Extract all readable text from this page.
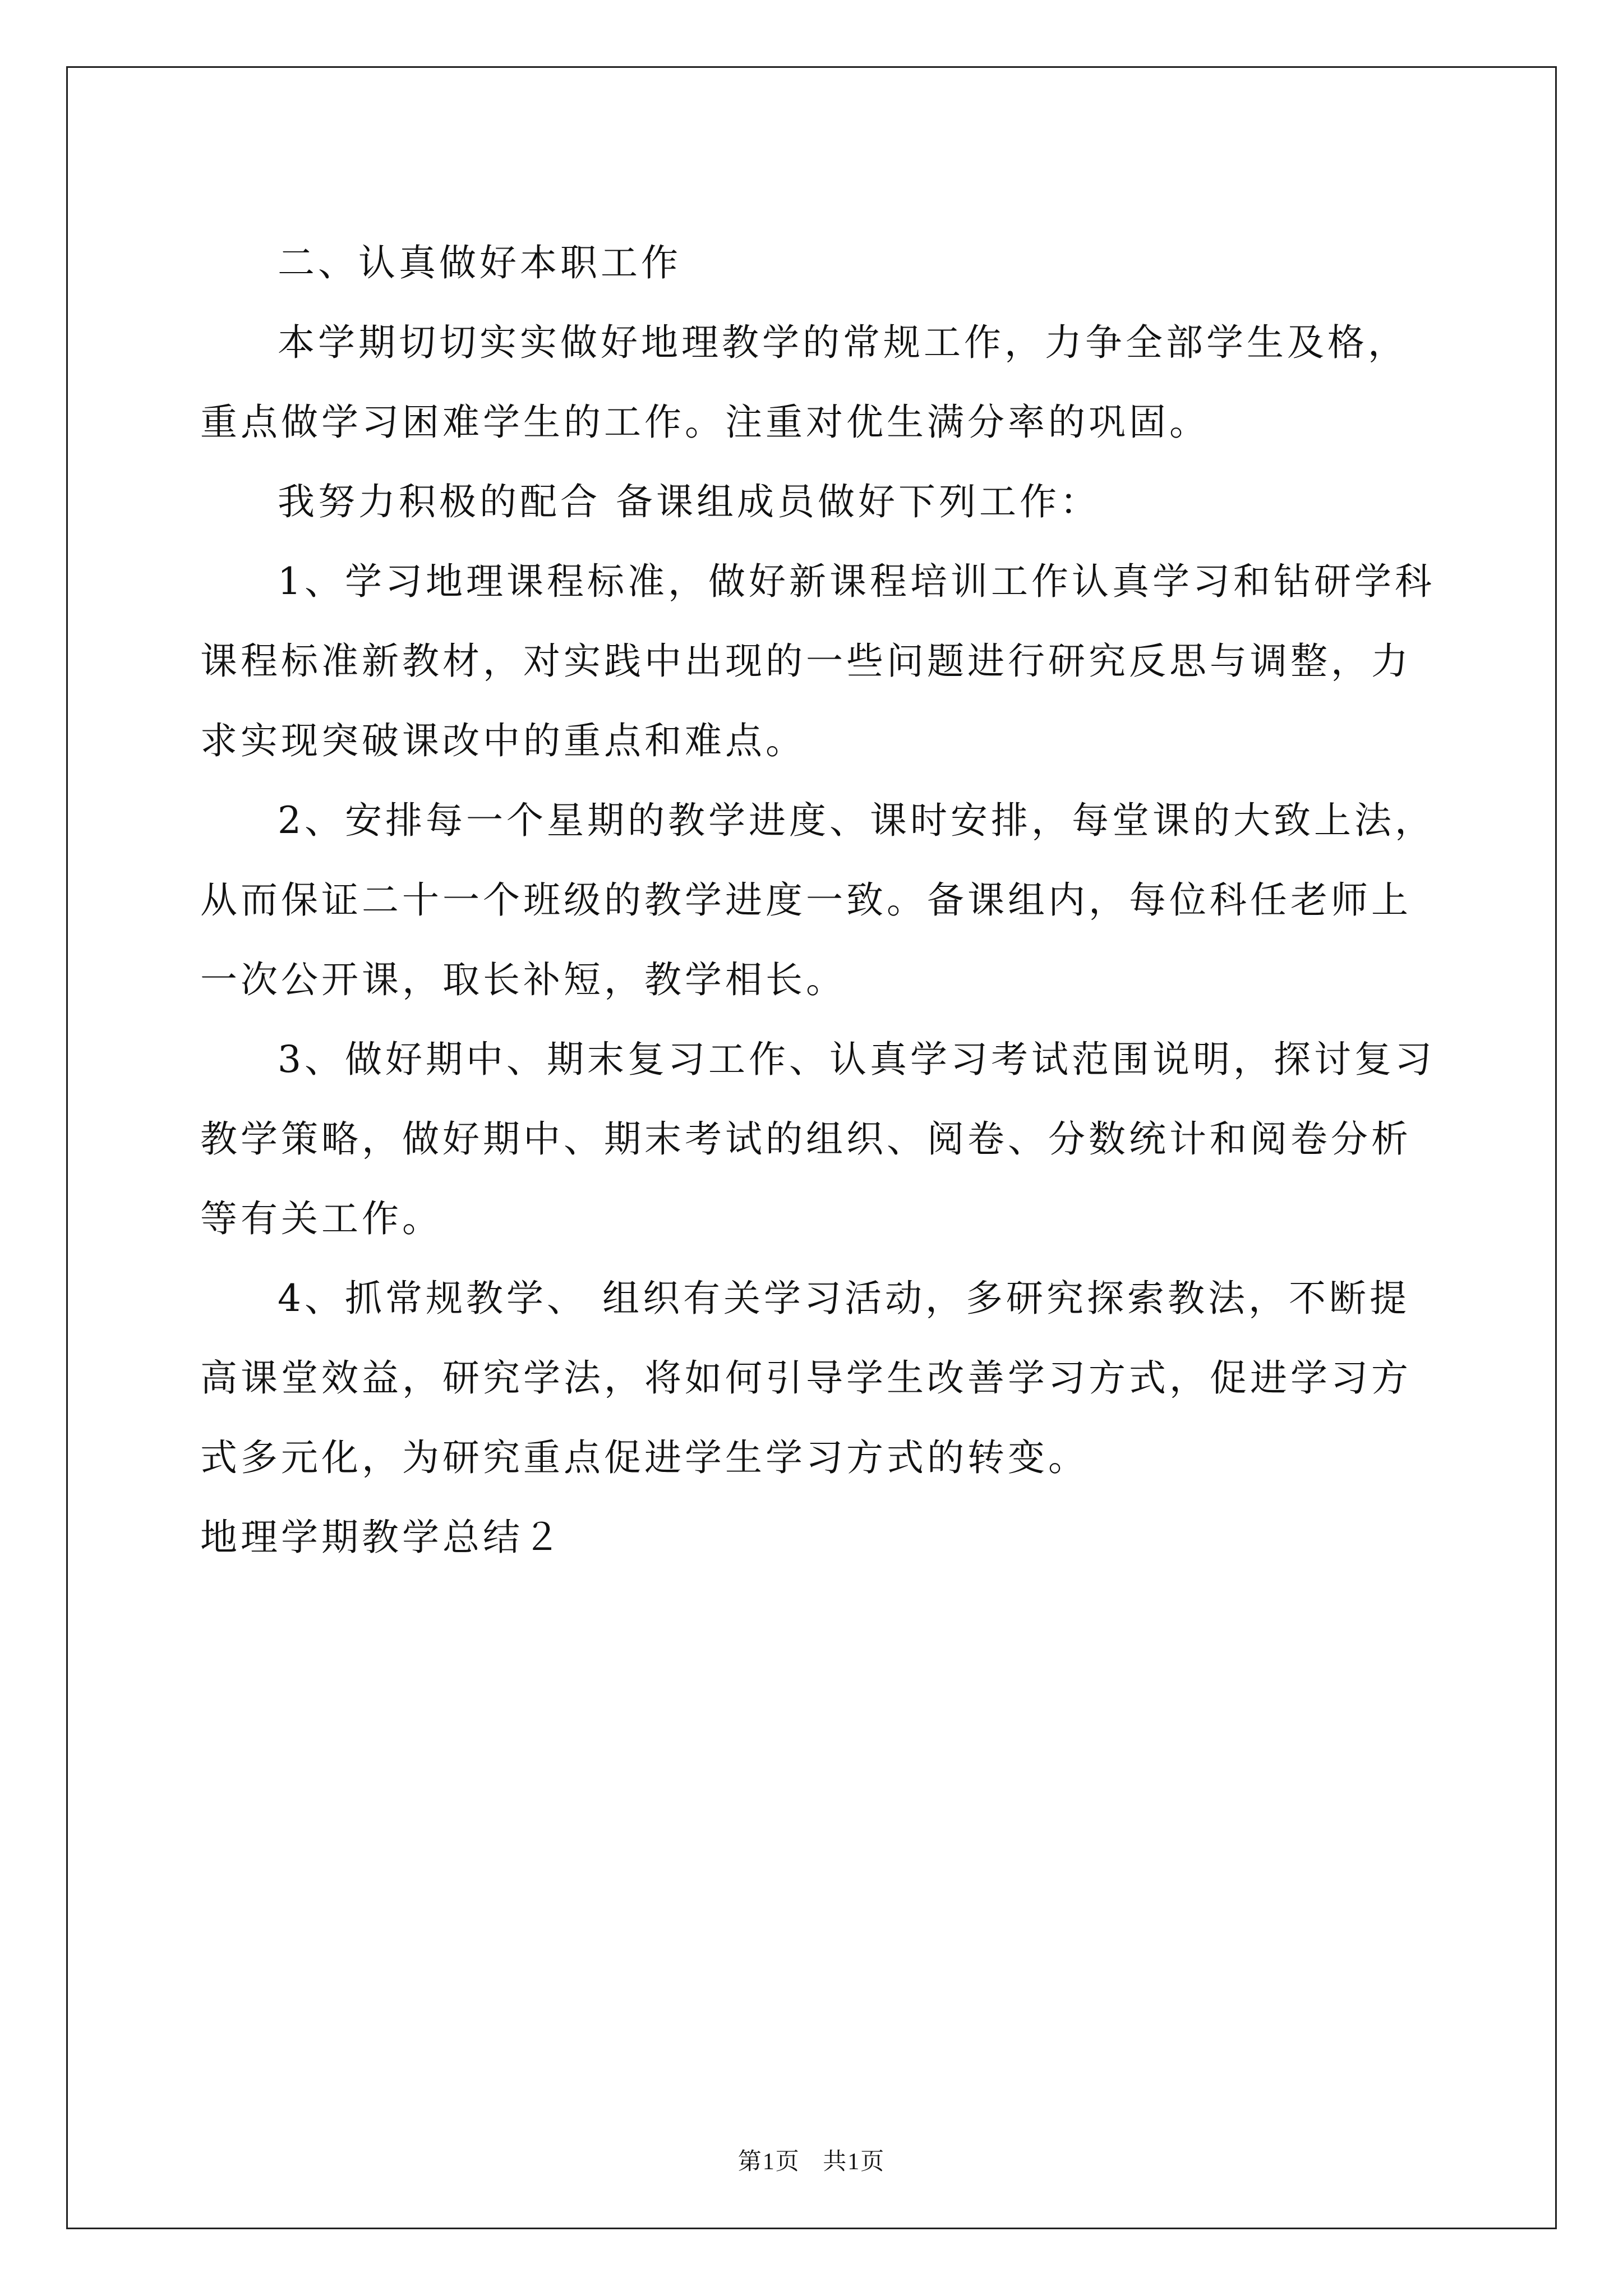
二、认真做好本职工作

本学期切切实实做好地理教学的常规工作，力争全部学生及格，
重点做学习困难学生的工作。注重对优生满分率的巩固。

我努力积极的配合 备课组成员做好下列工作：

1、学习地理课程标准，做好新课程培训工作认真学习和钻研学科
课程标准新教材，对实践中出现的一些问题进行研究反思与调整，力
求实现突破课改中的重点和难点。

2、安排每一个星期的教学进度、课时安排，每堂课的大致上法，
从而保证二十一个班级的教学进度一致。备课组内，每位科任老师上
一次公开课，取长补短，教学相长。

3、做好期中、期末复习工作、认真学习考试范围说明，探讨复习
教学策略，做好期中、期末考试的组织、阅卷、分数统计和阅卷分析
等有关工作。

4、抓常规教学、 组织有关学习活动，多研究探索教法，不断提
高课堂效益，研究学法，将如何引导学生改善学习方式，促进学习方
式多元化，为研究重点促进学生学习方式的转变。

地理学期教学总结２

第1页 共1页
